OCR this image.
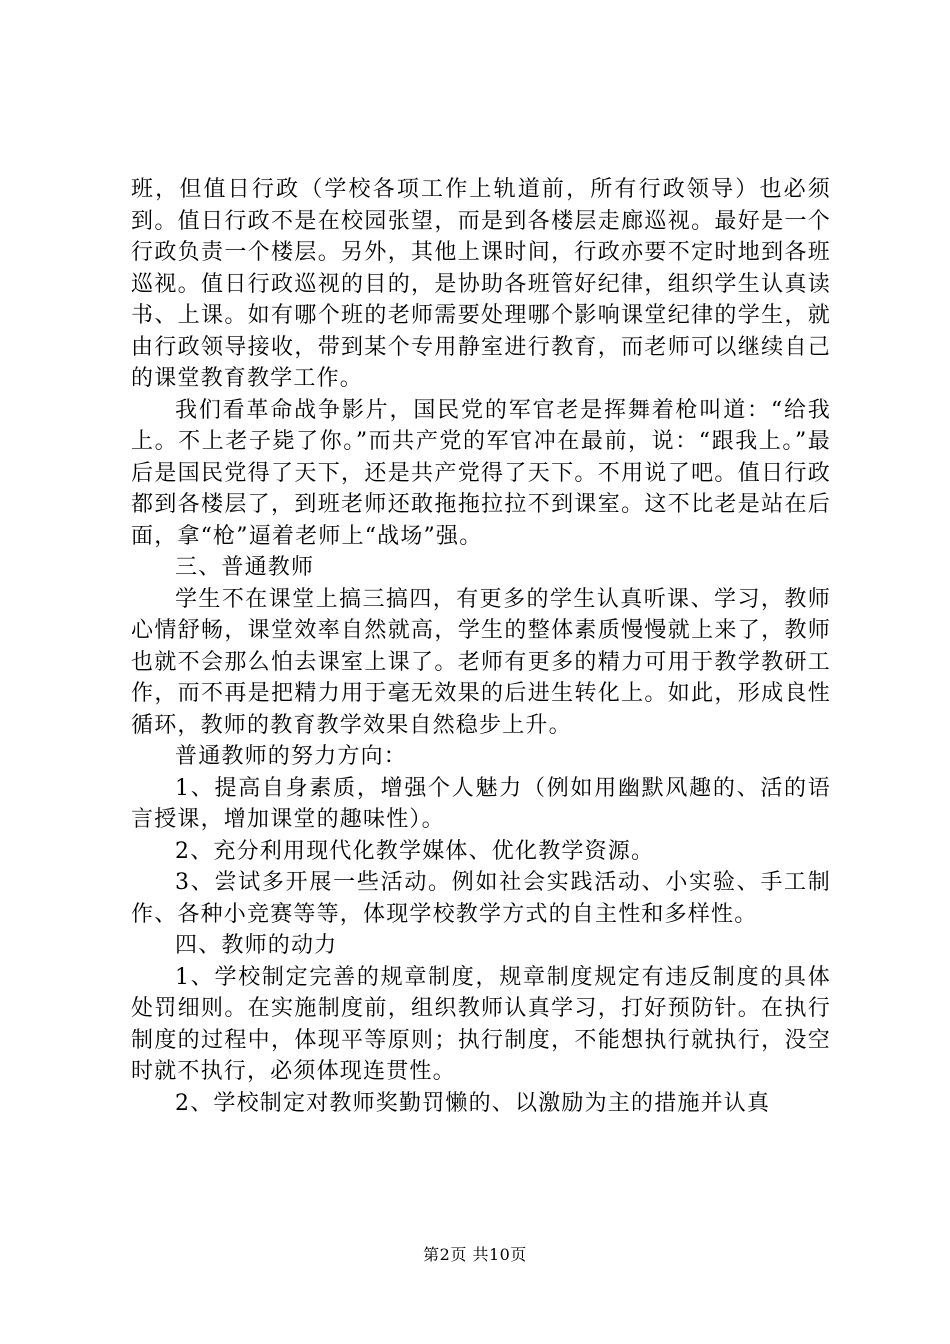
班，但值日行政（学校各项工作上轨道前，所有行政领导）也必须到。值日行政不是在校园张望，而是到各楼层走廊巡视。最好是一个行政负责一个楼层。另外，其他上课时间，行政亦要不定时地到各班巡视。值日行政巡视的目的，是协助各班管好纪律，组织学生认真读书、上课。如有哪个班的老师需要处理哪个影响课堂纪律的学生，就由行政领导接收，带到某个专用静室进行教育，而老师可以继续自己的课堂教育教学工作。

我们看革命战争影片，国民党的军官老是挥舞着枪叫道：“给我上。不上老子毙了你。”而共产党的军官冲在最前，说：“跟我上。”最后是国民党得了天下，还是共产党得了天下。不用说了吧。值日行政都到各楼层了，到班老师还敢拖拖拉拉不到课室。这不比老是站在后面，拿“枪”逼着老师上“战场”强。

三、普通教师

学生不在课堂上搞三搞四，有更多的学生认真听课、学习，教师心情舒畅，课堂效率自然就高，学生的整体素质慢慢就上来了，教师也就不会那么怕去课室上课了。老师有更多的精力可用于教学教研工作，而不再是把精力用于毫无效果的后进生转化上。如此，形成良性循环，教师的教育教学效果自然稳步上升。

普通教师的努力方向：

1、提高自身素质，增强个人魅力（例如用幽默风趣的、活的语言授课，增加课堂的趣味性）。

2、充分利用现代化教学媒体、优化教学资源。

3、尝试多开展一些活动。例如社会实践活动、小实验、手工制作、各种小竞赛等等，体现学校教学方式的自主性和多样性。

四、教师的动力

1、学校制定完善的规章制度，规章制度规定有违反制度的具体处罚细则。在实施制度前，组织教师认真学习，打好预防针。在执行制度的过程中，体现平等原则；执行制度，不能想执行就执行，没空时就不执行，必须体现连贯性。

2、学校制定对教师奖勤罚懒的、以激励为主的措施并认真

第2页 共10页
